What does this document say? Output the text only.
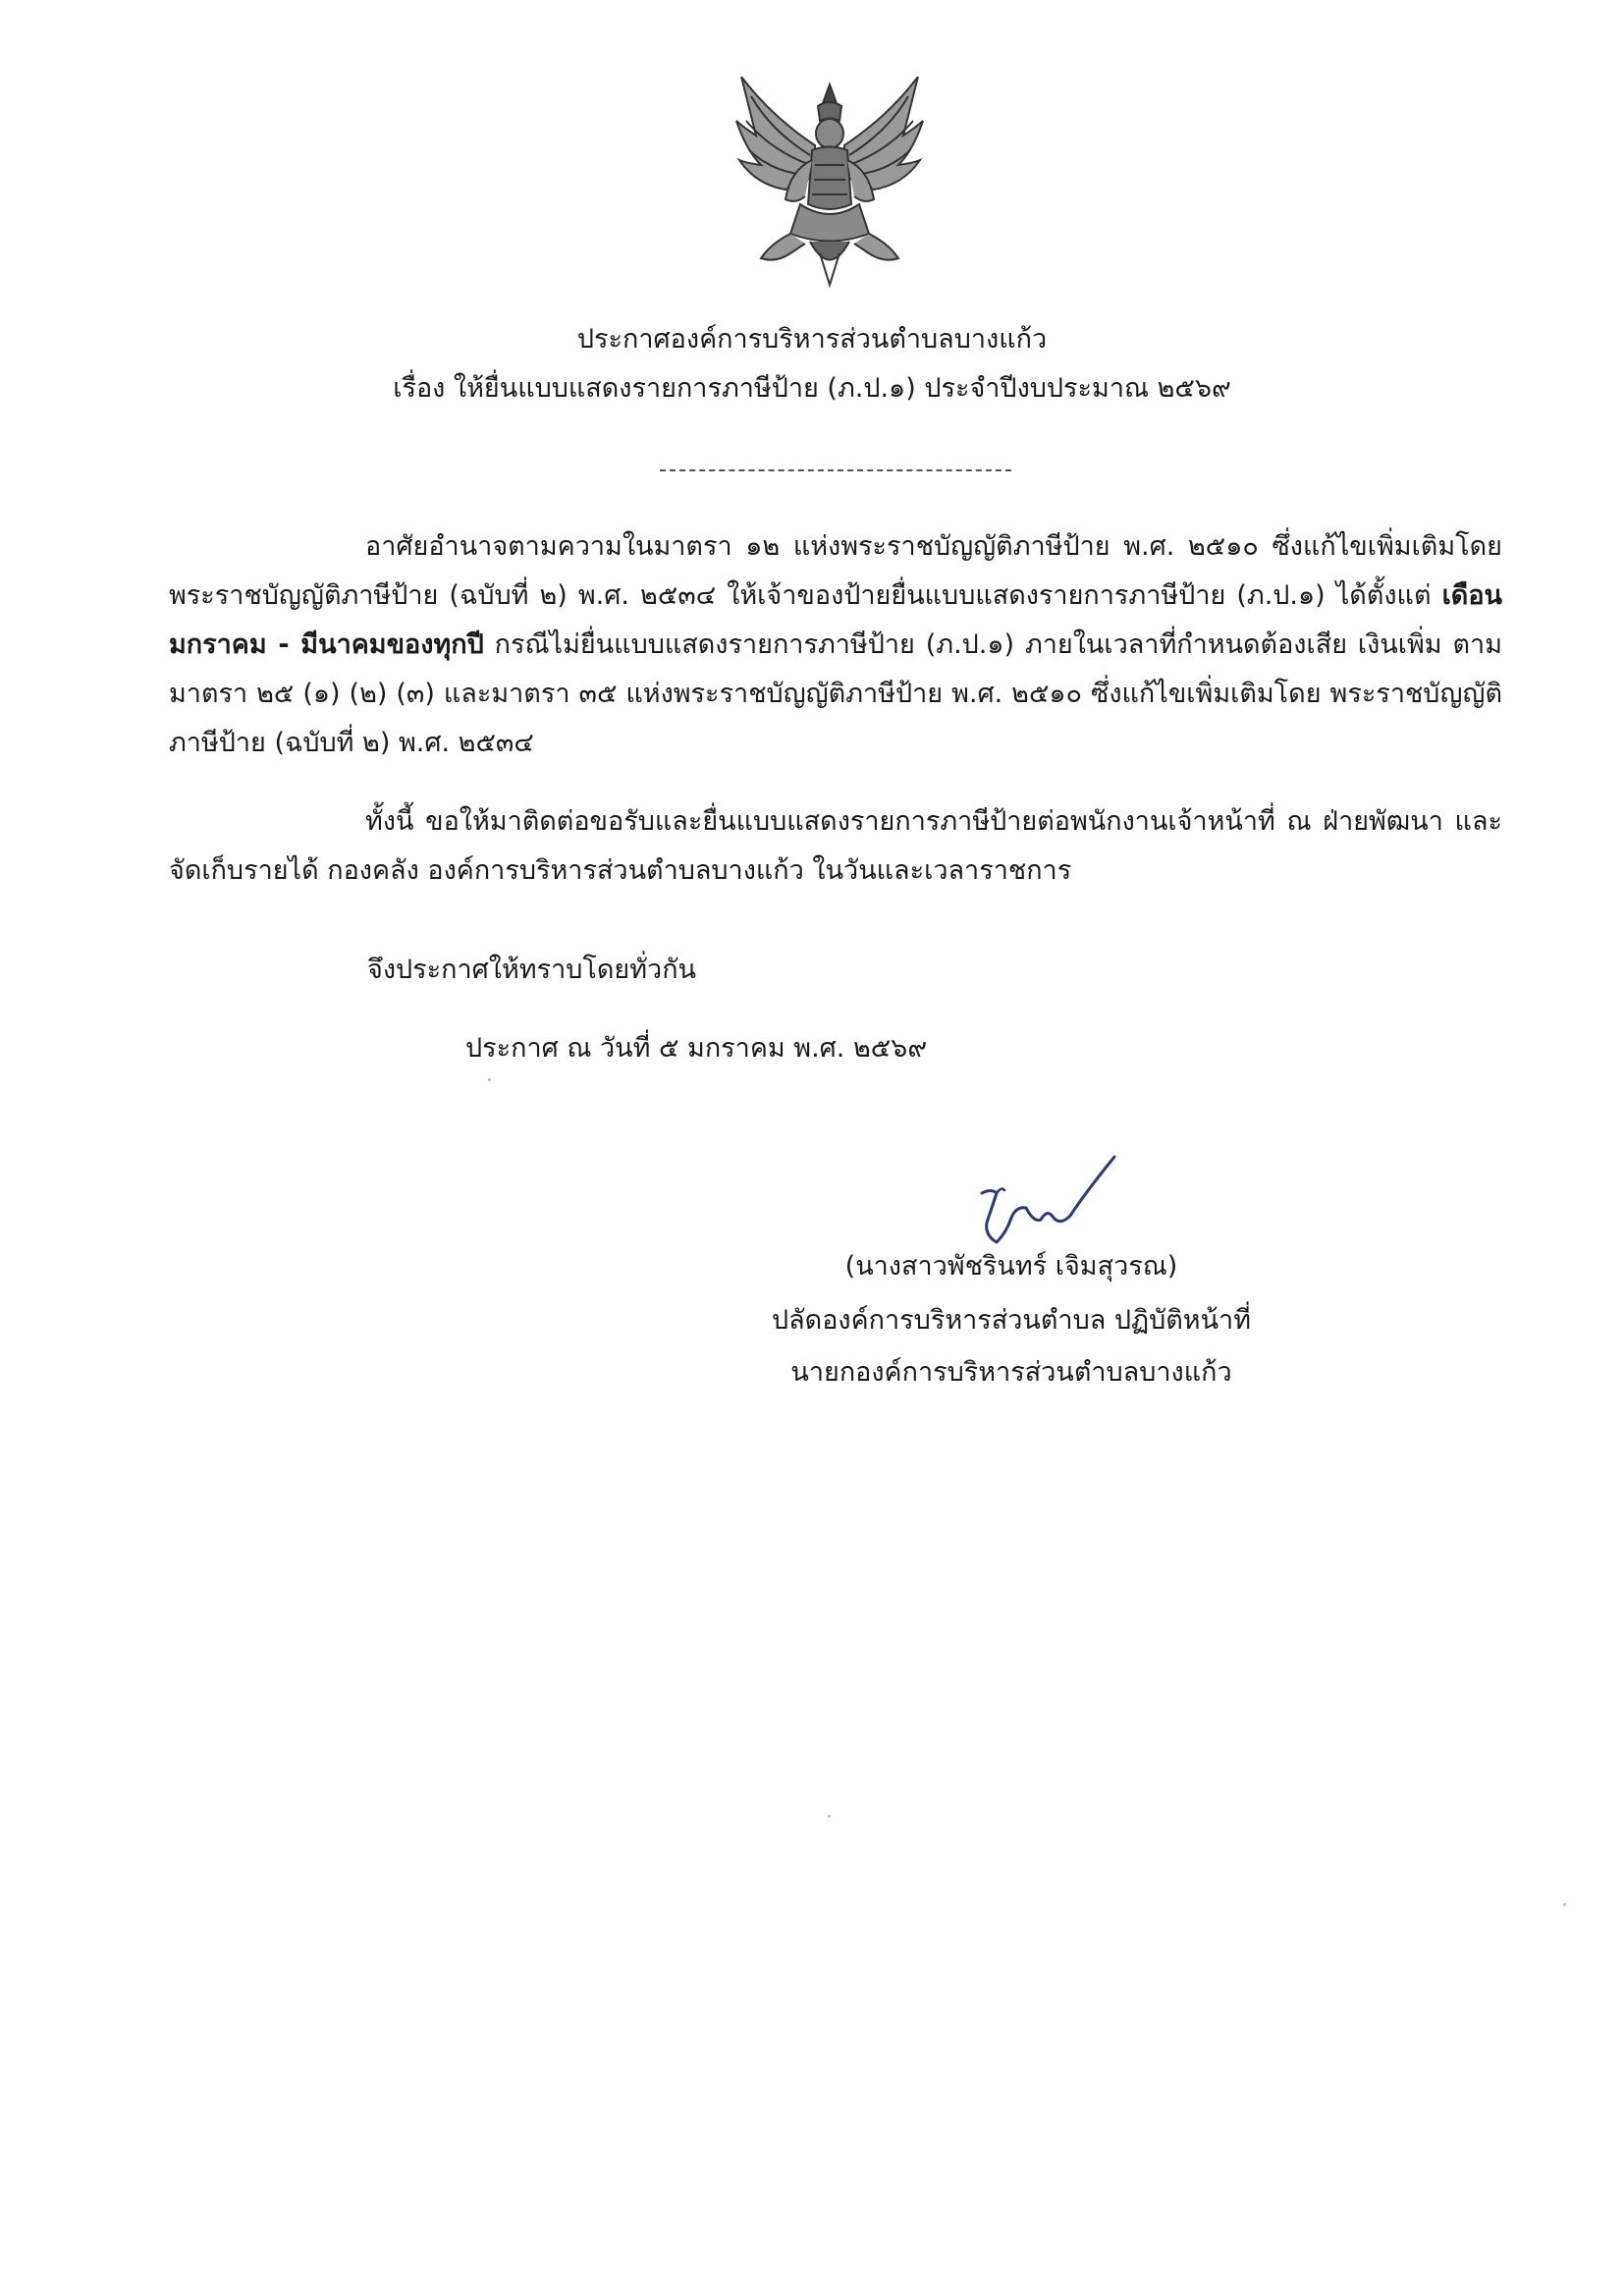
ประกาศองค์การบริหารส่วนตำบลบางแก้ว
เรื่อง ให้ยื่นแบบแสดงรายการภาษีป้าย (ภ.ป.๑) ประจำปีงบประมาณ ๒๕๖๙
อาศัยอำนาจตามความในมาตรา ๑๒ แห่งพระราชบัญญัติภาษีป้าย พ.ศ. ๒๕๑๐ ซึ่งแก้ไขเพิ่มเติมโดย พระราชบัญญัติภาษีป้าย (ฉบับที่ ๒) พ.ศ. ๒๕๓๔ ให้เจ้าของป้ายยื่นแบบแสดงรายการภาษีป้าย (ภ.ป.๑) ได้ตั้งแต่ เดือนมกราคม - มีนาคมของทุกปี กรณีไม่ยื่นแบบแสดงรายการภาษีป้าย (ภ.ป.๑) ภายในเวลาที่กำหนดต้องเสีย เงินเพิ่ม ตามมาตรา ๒๕ (๑) (๒) (๓) และมาตรา ๓๕ แห่งพระราชบัญญัติภาษีป้าย พ.ศ. ๒๕๑๐ ซึ่งแก้ไขเพิ่มเติมโดย พระราชบัญญัติภาษีป้าย (ฉบับที่ ๒) พ.ศ. ๒๕๓๔
ทั้งนี้ ขอให้มาติดต่อขอรับและยื่นแบบแสดงรายการภาษีป้ายต่อพนักงานเจ้าหน้าที่ ณ ฝ่ายพัฒนา และจัดเก็บรายได้ กองคลัง องค์การบริหารส่วนตำบลบางแก้ว ในวันและเวลาราชการ
จึงประกาศให้ทราบโดยทั่วกัน
ประกาศ ณ วันที่ ๕ มกราคม พ.ศ. ๒๕๖๙
(นางสาวพัชรินทร์ เจิมสุวรณ)
ปลัดองค์การบริหารส่วนตำบล ปฏิบัติหน้าที่
นายกองค์การบริหารส่วนตำบลบางแก้ว
